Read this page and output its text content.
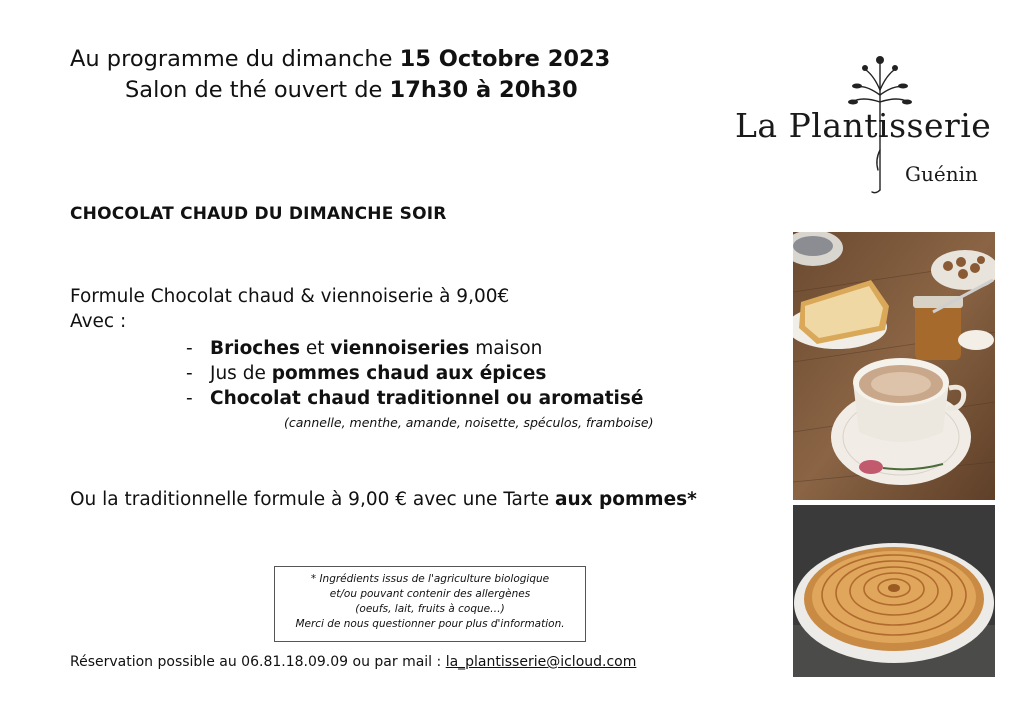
Au programme du dimanche 15 Octobre 2023
Salon de thé ouvert de 17h30 à 20h30
La Plantisserie
Guénin
CHOCOLAT CHAUD DU DIMANCHE SOIR
Formule Chocolat chaud & viennoiserie à 9,00€
Avec :
- Brioches et viennoiseries maison
- Jus de pommes chaud aux épices
- Chocolat chaud traditionnel ou aromatisé
(cannelle, menthe, amande, noisette, spéculos, framboise)
Ou la traditionnelle formule à 9,00 € avec une Tarte aux pommes*
* Ingrédients issus de l'agriculture biologique
et/ou pouvant contenir des allergènes
(oeufs, lait, fruits à coque…)
Merci de nous questionner pour plus d'information.
Réservation possible au 06.81.18.09.09 ou par mail : la_plantisserie@icloud.com
